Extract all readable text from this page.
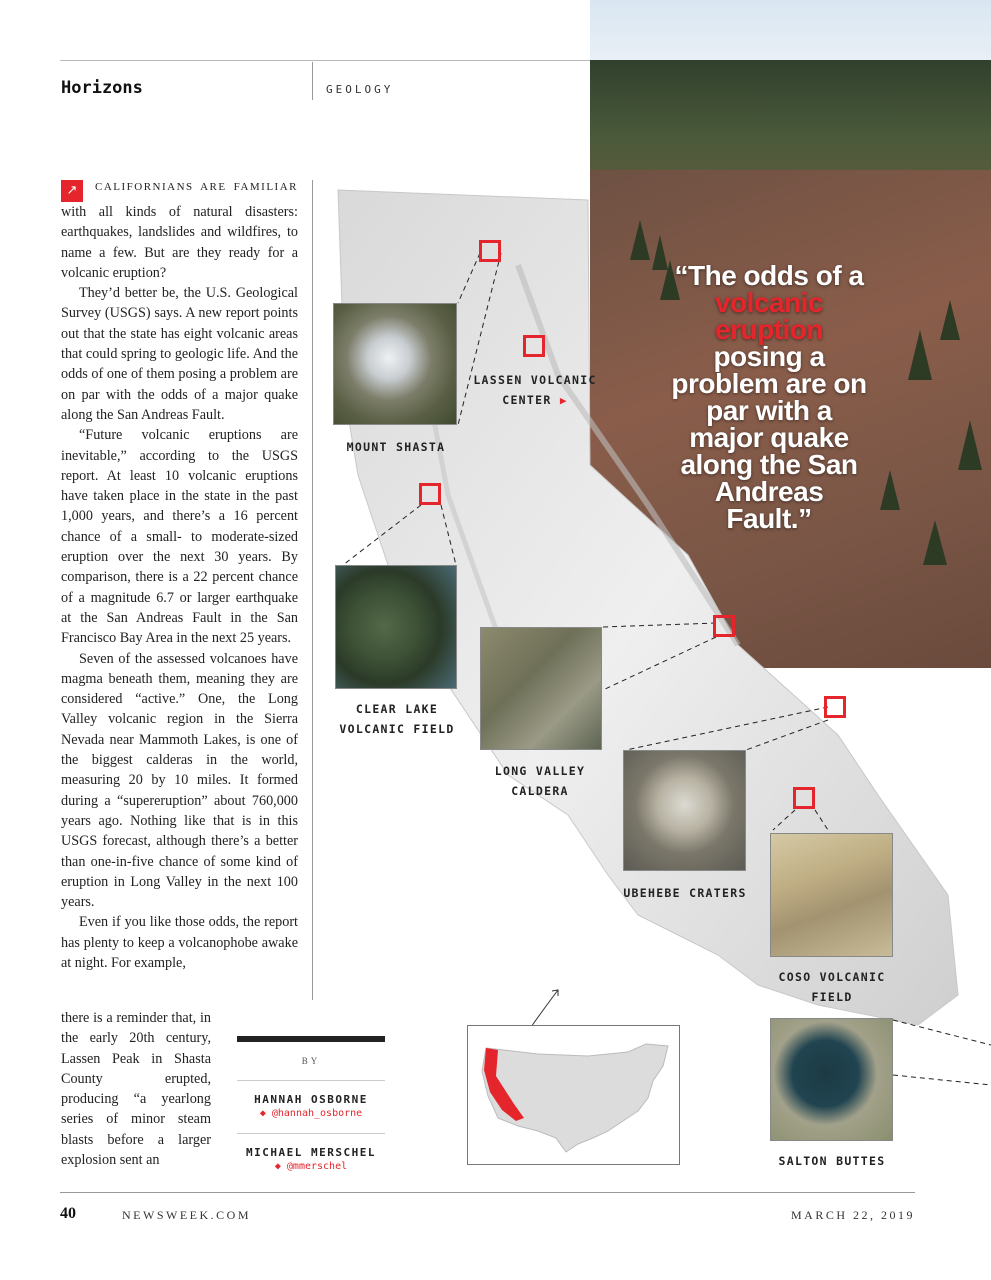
Horizons	GEOLOGY
“The odds of a volcanic eruption posing a problem are on par with a major quake along the San Andreas Fault.”

↗ CALIFORNIANS ARE FAMILIAR with all kinds of natural disasters: earthquakes, landslides and wildfires, to name a few. But are they ready for a volcanic eruption?

They’d better be, the U.S. Geological Survey (USGS) says. A new report points out that the state has eight volcanic areas that could spring to geologic life. And the odds of one of them posing a problem are on par with the odds of a major quake along the San Andreas Fault.

“Future volcanic eruptions are inevitable,” according to the USGS report. At least 10 volcanic eruptions have taken place in the state in the past 1,000 years, and there’s a 16 percent chance of a small- to moderate-sized eruption over the next 30 years. By comparison, there is a 22 percent chance of a magnitude 6.7 or larger earthquake at the San Andreas Fault in the San Francisco Bay Area in the next 25 years.

Seven of the assessed volcanoes have magma beneath them, meaning they are considered “active.” One, the Long Valley volcanic region in the Sierra Nevada near Mammoth Lakes, is one of the biggest calderas in the world, measuring 20 by 10 miles. It formed during a “supereruption” about 760,000 years ago. Nothing like that is in this USGS forecast, although there’s a better than one-in-five chance of some kind of eruption in Long Valley in the next 100 years.

Even if you like those odds, the report has plenty to keep a volcanophobe awake at night. For example,

there is a reminder that, in the early 20th century, Lassen Peak in Shasta County erupted, producing “a yearlong series of minor steam blasts before a larger explosion sent an
BY
HANNAH OSBORNE
◆ @hannah_osborne
MICHAEL MERSCHEL
◆ @mmerschel
MOUNT SHASTA
LASSEN VOLCANIC
CENTER ▶
CLEAR LAKE
VOLCANIC FIELD
LONG VALLEY
CALDERA
UBEHEBE CRATERS
COSO VOLCANIC
FIELD
SALTON BUTTES
40	NEWSWEEK.COM	MARCH 22, 2019
